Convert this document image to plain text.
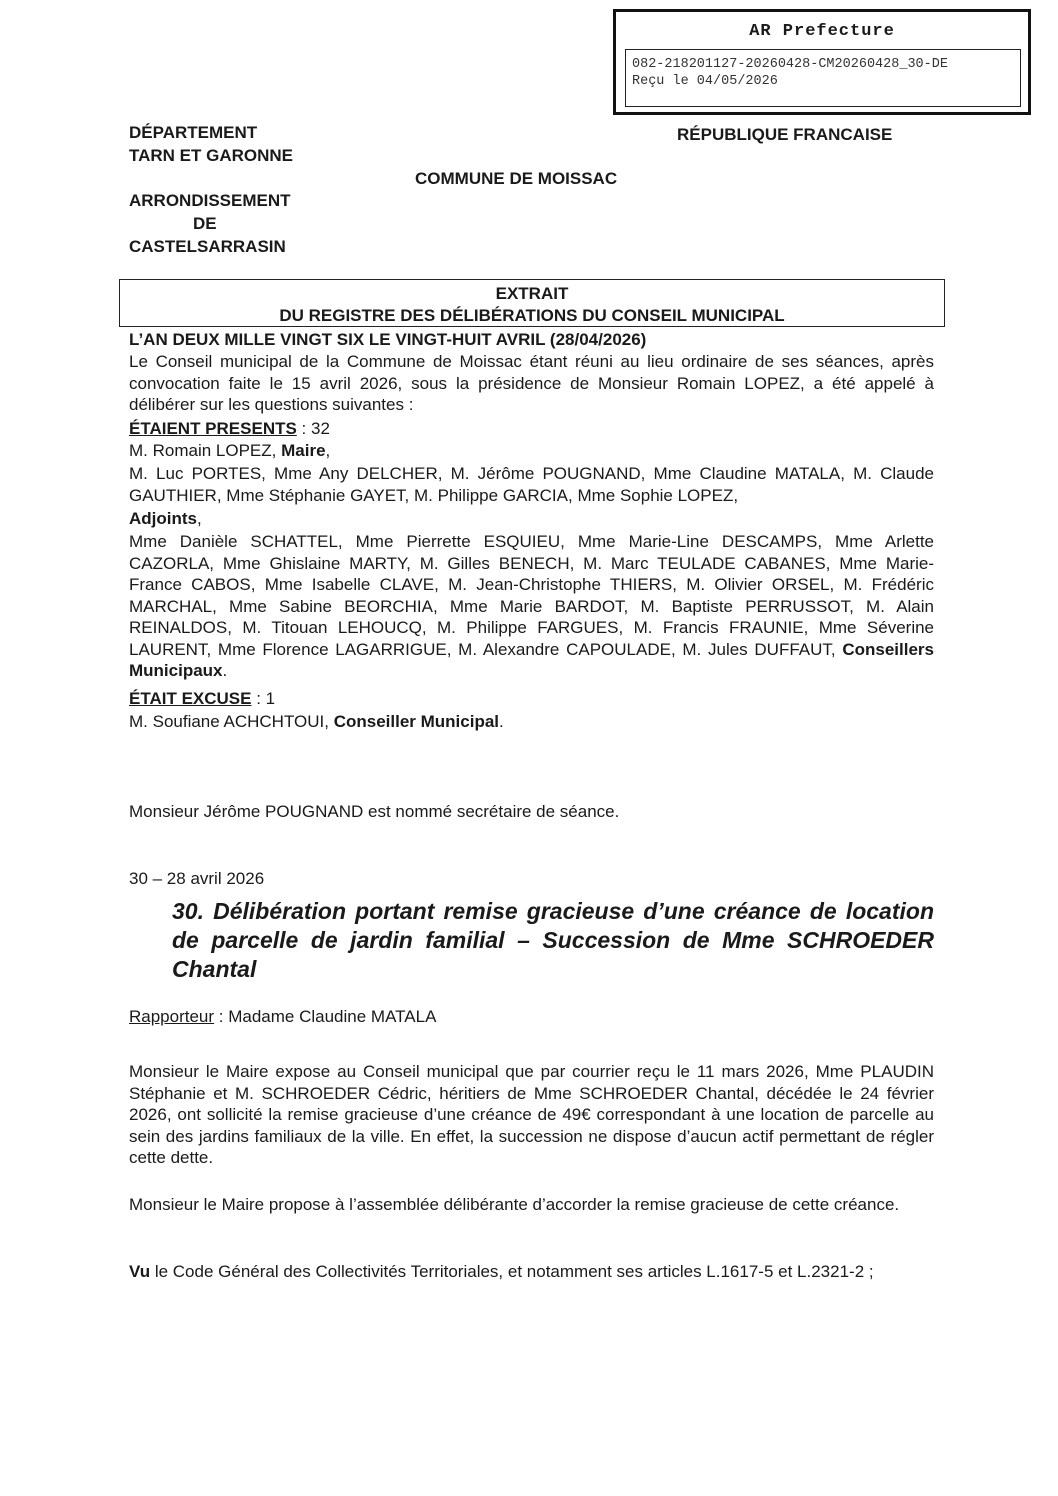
AR Prefecture
082-218201127-20260428-CM20260428_30-DE
Reçu le 04/05/2026
DÉPARTEMENT
TARN ET GARONNE
RÉPUBLIQUE FRANCAISE
COMMUNE DE MOISSAC
ARRONDISSEMENT
DE
CASTELSARRASIN
EXTRAIT
DU REGISTRE DES DÉLIBÉRATIONS DU CONSEIL MUNICIPAL
L’AN DEUX MILLE VINGT SIX LE VINGT-HUIT AVRIL (28/04/2026)
Le Conseil municipal de la Commune de Moissac étant réuni au lieu ordinaire de ses séances, après convocation faite le 15 avril 2026, sous la présidence de Monsieur Romain LOPEZ, a été appelé à délibérer sur les questions suivantes :
ÉTAIENT PRESENTS : 32
M. Romain LOPEZ, Maire,
M. Luc PORTES, Mme Any DELCHER, M. Jérôme POUGNAND, Mme Claudine MATALA, M. Claude GAUTHIER, Mme Stéphanie GAYET, M. Philippe GARCIA, Mme Sophie LOPEZ,
Adjoints,
Mme Danièle SCHATTEL, Mme Pierrette ESQUIEU, Mme Marie-Line DESCAMPS, Mme Arlette CAZORLA, Mme Ghislaine MARTY, M. Gilles BENECH, M. Marc TEULADE CABANES, Mme Marie-France CABOS, Mme Isabelle CLAVE, M. Jean-Christophe THIERS, M. Olivier ORSEL, M. Frédéric MARCHAL, Mme Sabine BEORCHIA, Mme Marie BARDOT, M. Baptiste PERRUSSOT, M. Alain REINALDOS, M. Titouan LEHOUCQ, M. Philippe FARGUES, M. Francis FRAUNIE, Mme Séverine LAURENT, Mme Florence LAGARRIGUE, M. Alexandre CAPOULADE, M. Jules DUFFAUT, Conseillers Municipaux.
ÉTAIT EXCUSE : 1
M. Soufiane ACHCHTOUI, Conseiller Municipal.
Monsieur Jérôme POUGNAND est nommé secrétaire de séance.
30 – 28 avril 2026
30. Délibération portant remise gracieuse d’une créance de location de parcelle de jardin familial – Succession de Mme SCHROEDER Chantal
Rapporteur : Madame Claudine MATALA
Monsieur le Maire expose au Conseil municipal que par courrier reçu le 11 mars 2026, Mme PLAUDIN Stéphanie et M. SCHROEDER Cédric, héritiers de Mme SCHROEDER Chantal, décédée le 24 février 2026, ont sollicité la remise gracieuse d’une créance de 49€ correspondant à une location de parcelle au sein des jardins familiaux de la ville. En effet, la succession ne dispose d’aucun actif permettant de régler cette dette.
Monsieur le Maire propose à l’assemblée délibérante d’accorder la remise gracieuse de cette créance.
Vu le Code Général des Collectivités Territoriales, et notamment ses articles L.1617-5 et L.2321-2 ;
